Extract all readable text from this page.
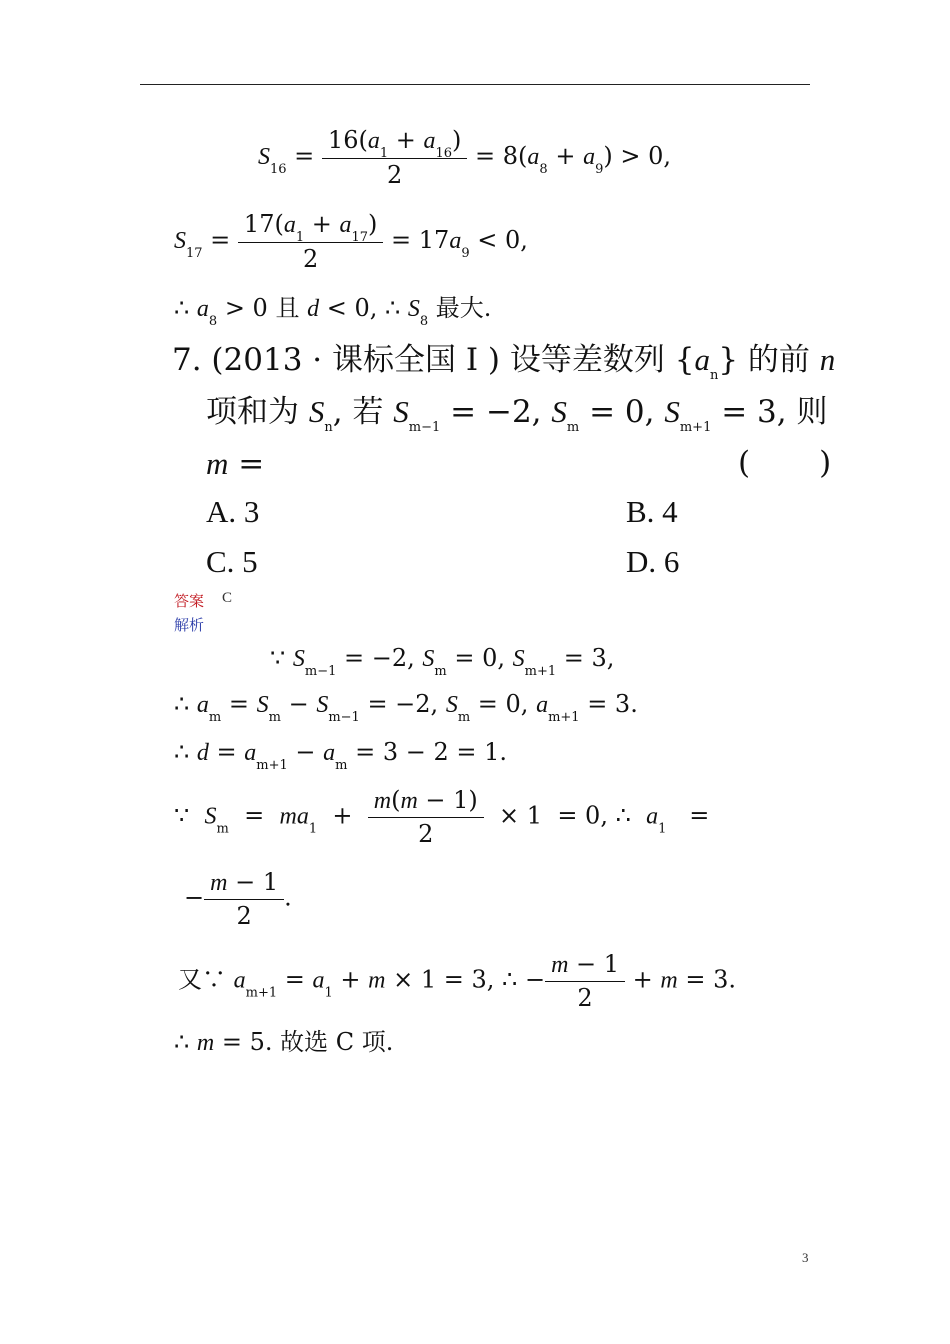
$S_{16} = \frac{16(a_1 + a_{16})}{2} = 8(a_8 + a_9) > 0$,
$S_{17} = \frac{17(a_1 + a_{17})}{2} = 17a_9 < 0$,
∴ $a_8 > 0$ 且 d < 0, ∴ $S_8$ 最大.
7. (2013 · 课标全国 Ⅰ ) 设等差数列 $\{a_n\}$ 的前 n
项和为 $S_n$, 若 $S_{m-1} = -2$, $S_m = 0$, $S_{m+1} = 3$, 则
m =	(       )
A. 3	B. 4
C. 5	D. 6
答案 C
解析
∵ $S_{m-1} = -2$, $S_m = 0$, $S_{m+1} = 3$,
∴ $a_m = S_m - S_{m-1} = -2$, $S_m = 0$, $a_{m+1} = 3$.
∴ $d = a_{m+1} - a_m = 3 - 2 = 1$.
∵  $S_m = ma_1 + \frac{m(m - 1)}{2} \times 1 = 0$, ∴  $a_1$   =
− $\frac{m - 1}{2}$ .
又∵ $a_{m+1} = a_1 + m \times 1 = 3$, ∴ − $\frac{m - 1}{2} + m = 3$.
∴ m = 5. 故选 C 项.
3
